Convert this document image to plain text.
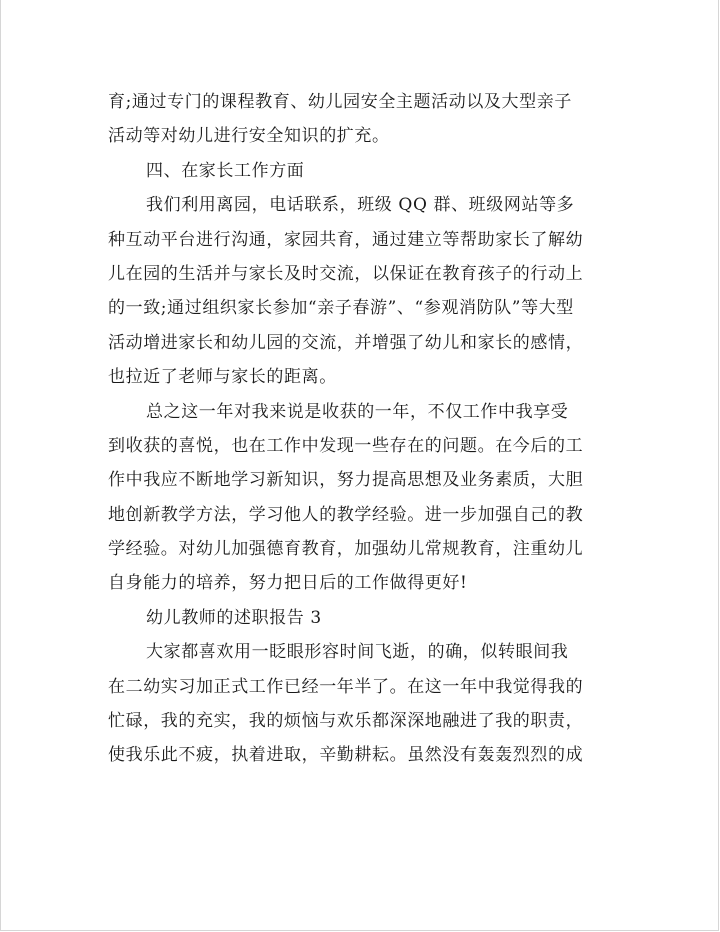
育;通过专门的课程教育、幼儿园安全主题活动以及大型亲子
活动等对幼儿进行安全知识的扩充。
四、在家长工作方面
我们利用离园，电话联系，班级 QQ 群、班级网站等多
种互动平台进行沟通，家园共育，通过建立等帮助家长了解幼
儿在园的生活并与家长及时交流，以保证在教育孩子的行动上
的一致;通过组织家长参加“亲子春游”、“参观消防队”等大型
活动增进家长和幼儿园的交流，并增强了幼儿和家长的感情，
也拉近了老师与家长的距离。
总之这一年对我来说是收获的一年，不仅工作中我享受
到收获的喜悦，也在工作中发现一些存在的问题。在今后的工
作中我应不断地学习新知识，努力提高思想及业务素质，大胆
地创新教学方法，学习他人的教学经验。进一步加强自己的教
学经验。对幼儿加强德育教育，加强幼儿常规教育，注重幼儿
自身能力的培养，努力把日后的工作做得更好!
幼儿教师的述职报告 3
大家都喜欢用一眨眼形容时间飞逝，的确，似转眼间我
在二幼实习加正式工作已经一年半了。在这一年中我觉得我的
忙碌，我的充实，我的烦恼与欢乐都深深地融进了我的职责，
使我乐此不疲，执着进取，辛勤耕耘。虽然没有轰轰烈烈的成
